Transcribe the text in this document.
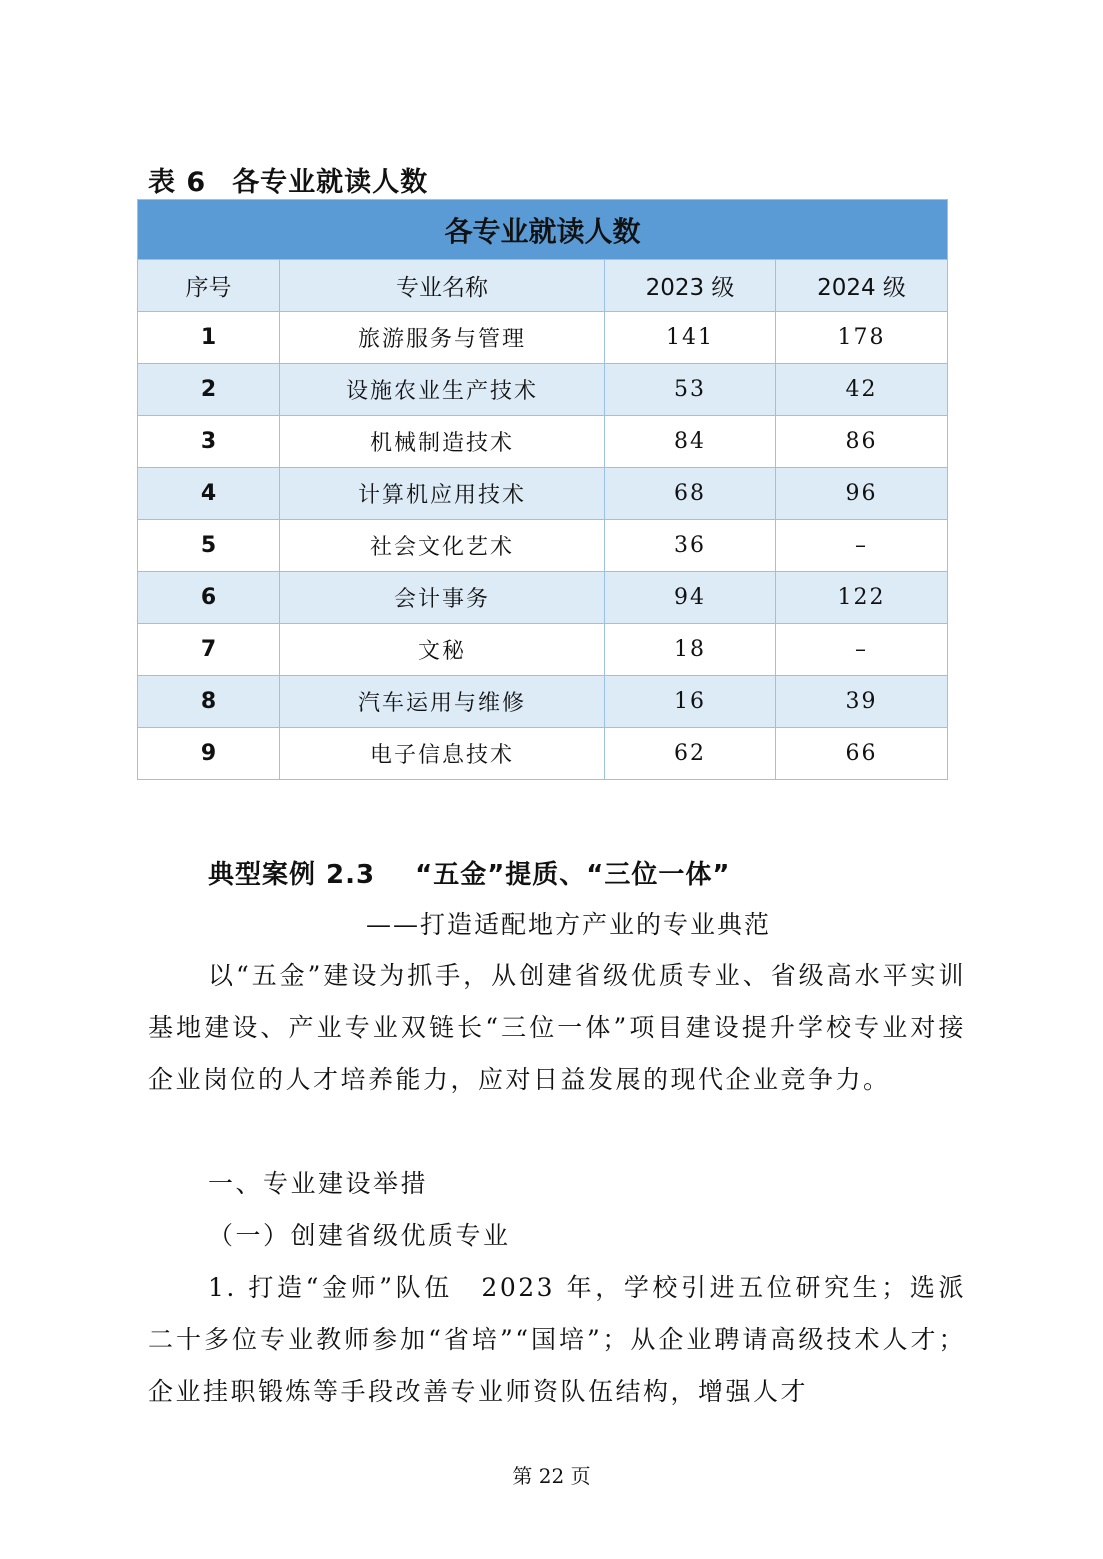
表 6 各专业就读人数
各专业就读人数			
序号	专业名称	2023 级	2024 级
1	旅游服务与管理	141	178
2	设施农业生产技术	53	42
3	机械制造技术	84	86
4	计算机应用技术	68	96
5	社会文化艺术	36	–
6	会计事务	94	122
7	文秘	18	–
8	汽车运用与维修	16	39
9	电子信息技术	62	66
典型案例 2.3 “五金”提质、“三位一体”
——打造适配地方产业的专业典范

以“五金”建设为抓手，从创建省级优质专业、省级高水平实训基地建设、产业专业双链长“三位一体”项目建设提升学校专业对接企业岗位的人才培养能力，应对日益发展的现代企业竞争力。

一、专业建设举措

（一）创建省级优质专业

1. 打造“金师”队伍　2023 年，学校引进五位研究生；选派二十多位专业教师参加“省培”“国培”；从企业聘请高级技术人才；企业挂职锻炼等手段改善专业师资队伍结构，增强人才

第 22 页
